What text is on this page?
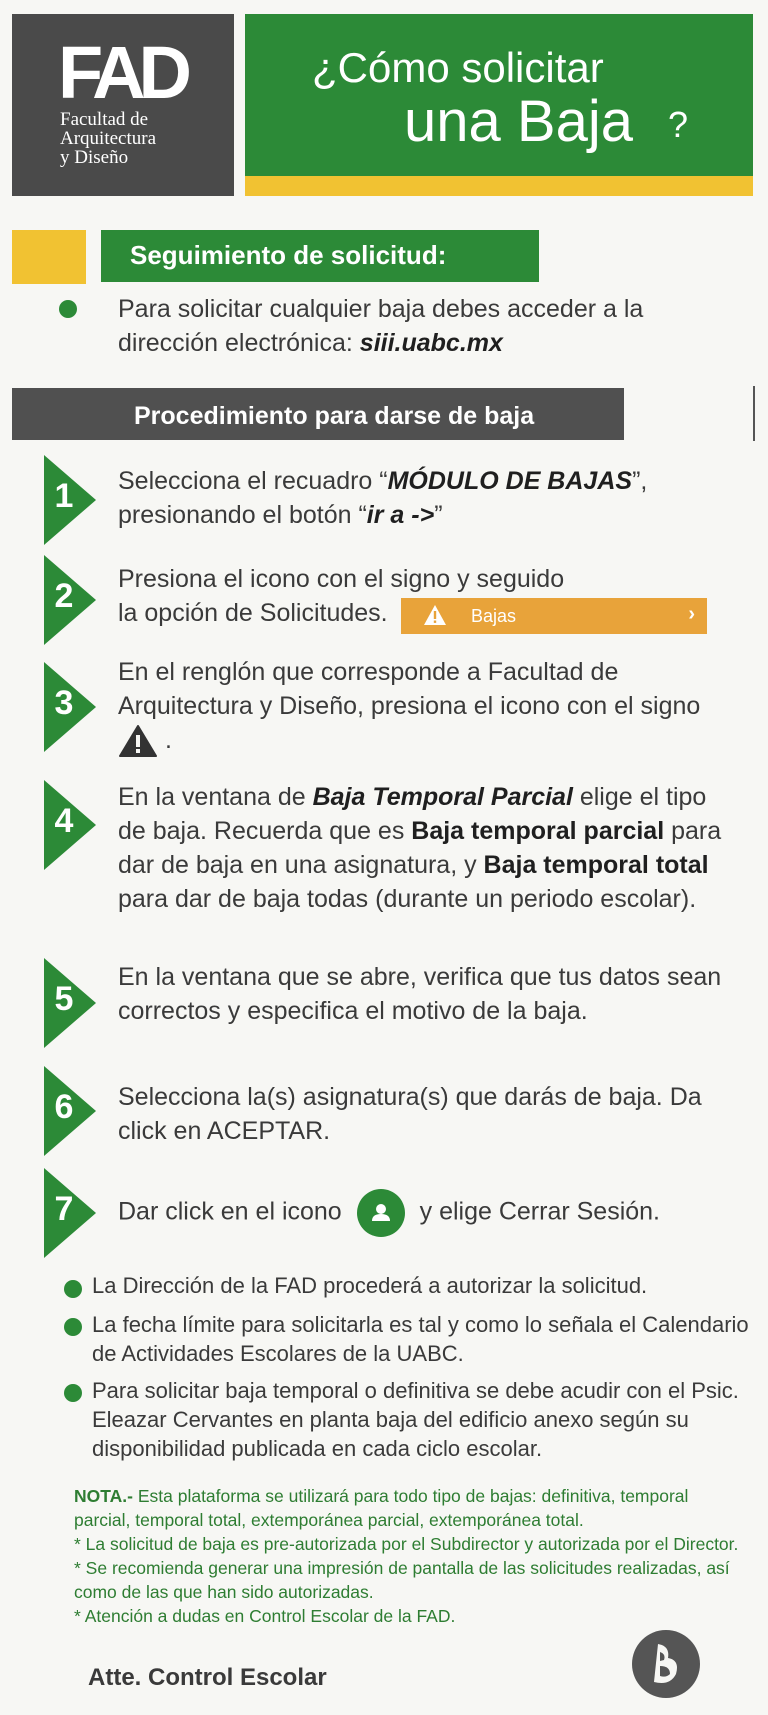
FAD
Facultad de
Arquitectura
y Diseño
¿Cómo solicitar
una Baja ?
Seguimiento de solicitud:
Para solicitar cualquier baja debes acceder a la dirección electrónica: siii.uabc.mx
Procedimiento para darse de baja
1
2
3
4
5
6
7
Selecciona el recuadro “MÓDULO DE BAJAS”, presionando el botón “ir a ->”
Presiona el icono con el signo y seguido la opción de Solicitudes.	Bajas	›
En el renglón que corresponde a Facultad de Arquitectura y Diseño, presiona el icono con el signo  .
En la ventana de Baja Temporal Parcial elige el tipo de baja. Recuerda que es Baja temporal parcial para dar de baja en una asignatura, y Baja temporal total para dar de baja todas (durante un periodo escolar).
En la ventana que se abre, verifica que tus datos sean correctos y especifica el motivo de la baja.
Selecciona la(s) asignatura(s) que darás de baja. Da click en ACEPTAR.
Dar click en el icono	y elige Cerrar Sesión.
La Dirección de la FAD procederá a autorizar la solicitud.
La fecha límite para solicitarla es tal y como lo señala el Calendario de Actividades Escolares de la UABC.
Para solicitar baja temporal o definitiva se debe acudir con el Psic. Eleazar Cervantes en planta baja del edificio anexo según su disponibilidad publicada en cada ciclo escolar.
NOTA.- Esta plataforma se utilizará para todo tipo de bajas: definitiva, temporal parcial, temporal total, extemporánea parcial, extemporánea total.
* La solicitud de baja es pre-autorizada por el Subdirector y autorizada por el Director.
* Se recomienda generar una impresión de pantalla de las solicitudes realizadas, así como de las que han sido autorizadas.
* Atención a dudas en Control Escolar de la FAD.
Atte. Control Escolar
